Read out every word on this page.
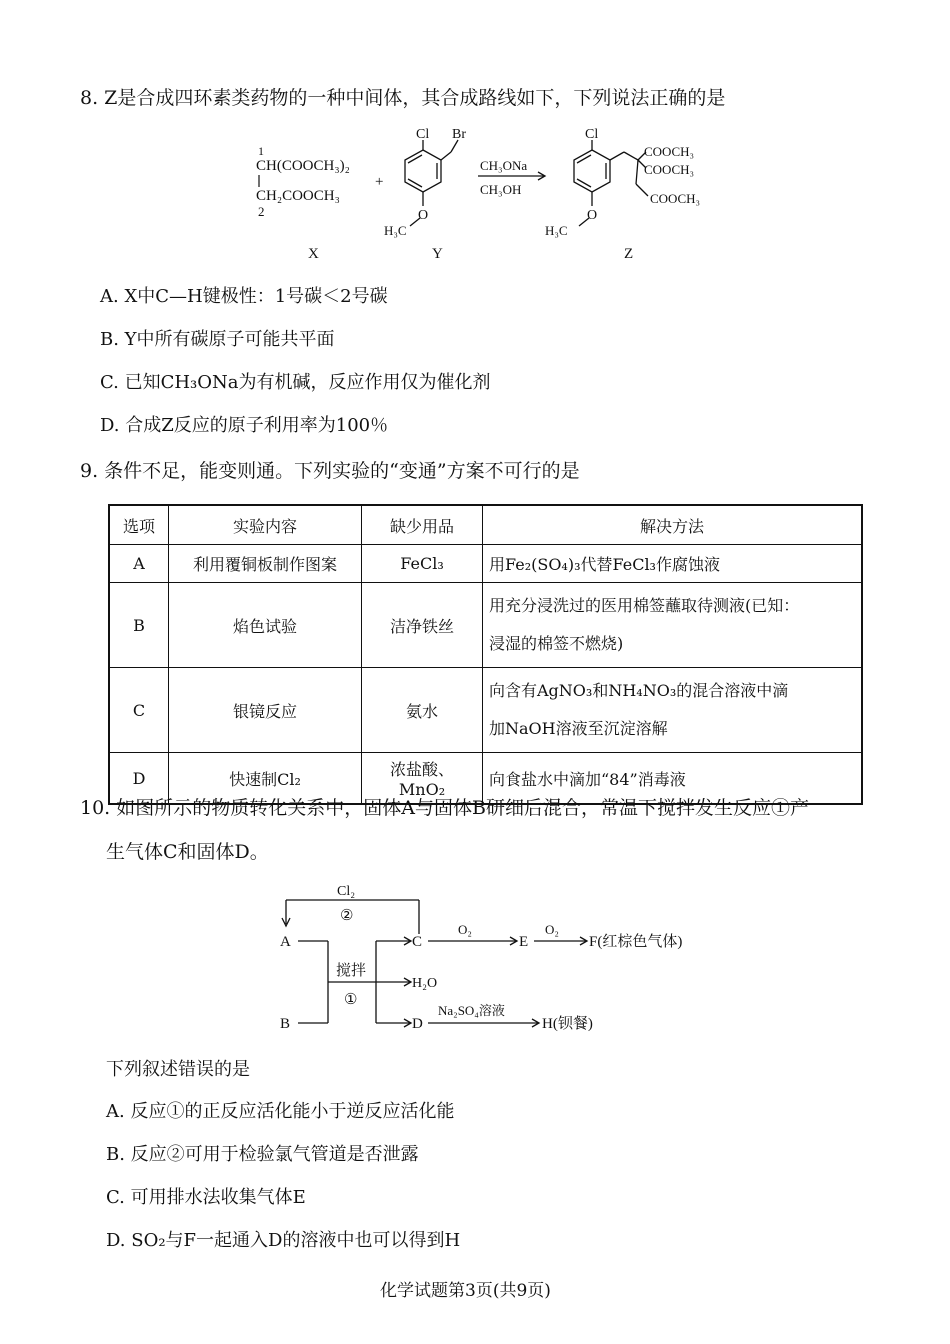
8. Z是合成四环素类药物的一种中间体，其合成路线如下，下列说法正确的是
1
CH(COOCH₃)₂
CH₂COOCH₃
2
+
Cl Br
O
H₃C
CH₃ONa
CH₃OH
Cl
COOCH₃
COOCH₃
COOCH₃
O
H₃C
X	Y	Z
A. X中C—H键极性：1号碳＜2号碳
B. Y中所有碳原子可能共平面
C. 已知CH₃ONa为有机碱，反应作用仅为催化剂
D. 合成Z反应的原子利用率为100％
9. 条件不足，能变则通。下列实验的“变通”方案不可行的是
选项	实验内容	缺少用品	解决方法
A	利用覆铜板制作图案	FeCl₃	用Fe₂(SO₄)₃代替FeCl₃作腐蚀液
B	焰色试验	洁净铁丝	用充分浸洗过的医用棉签蘸取待测液(已知：
浸湿的棉签不燃烧)

C	银镜反应	氨水	向含有AgNO₃和NH₄NO₃的混合溶液中滴
加NaOH溶液至沉淀溶解

D	快速制Cl₂	浓盐酸、MnO₂	向食盐水中滴加“84”消毒液
10. 如图所示的物质转化关系中，固体A与固体B研细后混合，常温下搅拌发生反应①产
生气体C和固体D。
Cl₂
②
A
B
C
O₂
E
O₂
F(红棕色气体)
搅拌
①
H₂O
D
Na₂SO₄溶液
H(钡餐)
下列叙述错误的是
A. 反应①的正反应活化能小于逆反应活化能
B. 反应②可用于检验氯气管道是否泄露
C. 可用排水法收集气体E
D. SO₂与F一起通入D的溶液中也可以得到H
化学试题第3页(共9页)
